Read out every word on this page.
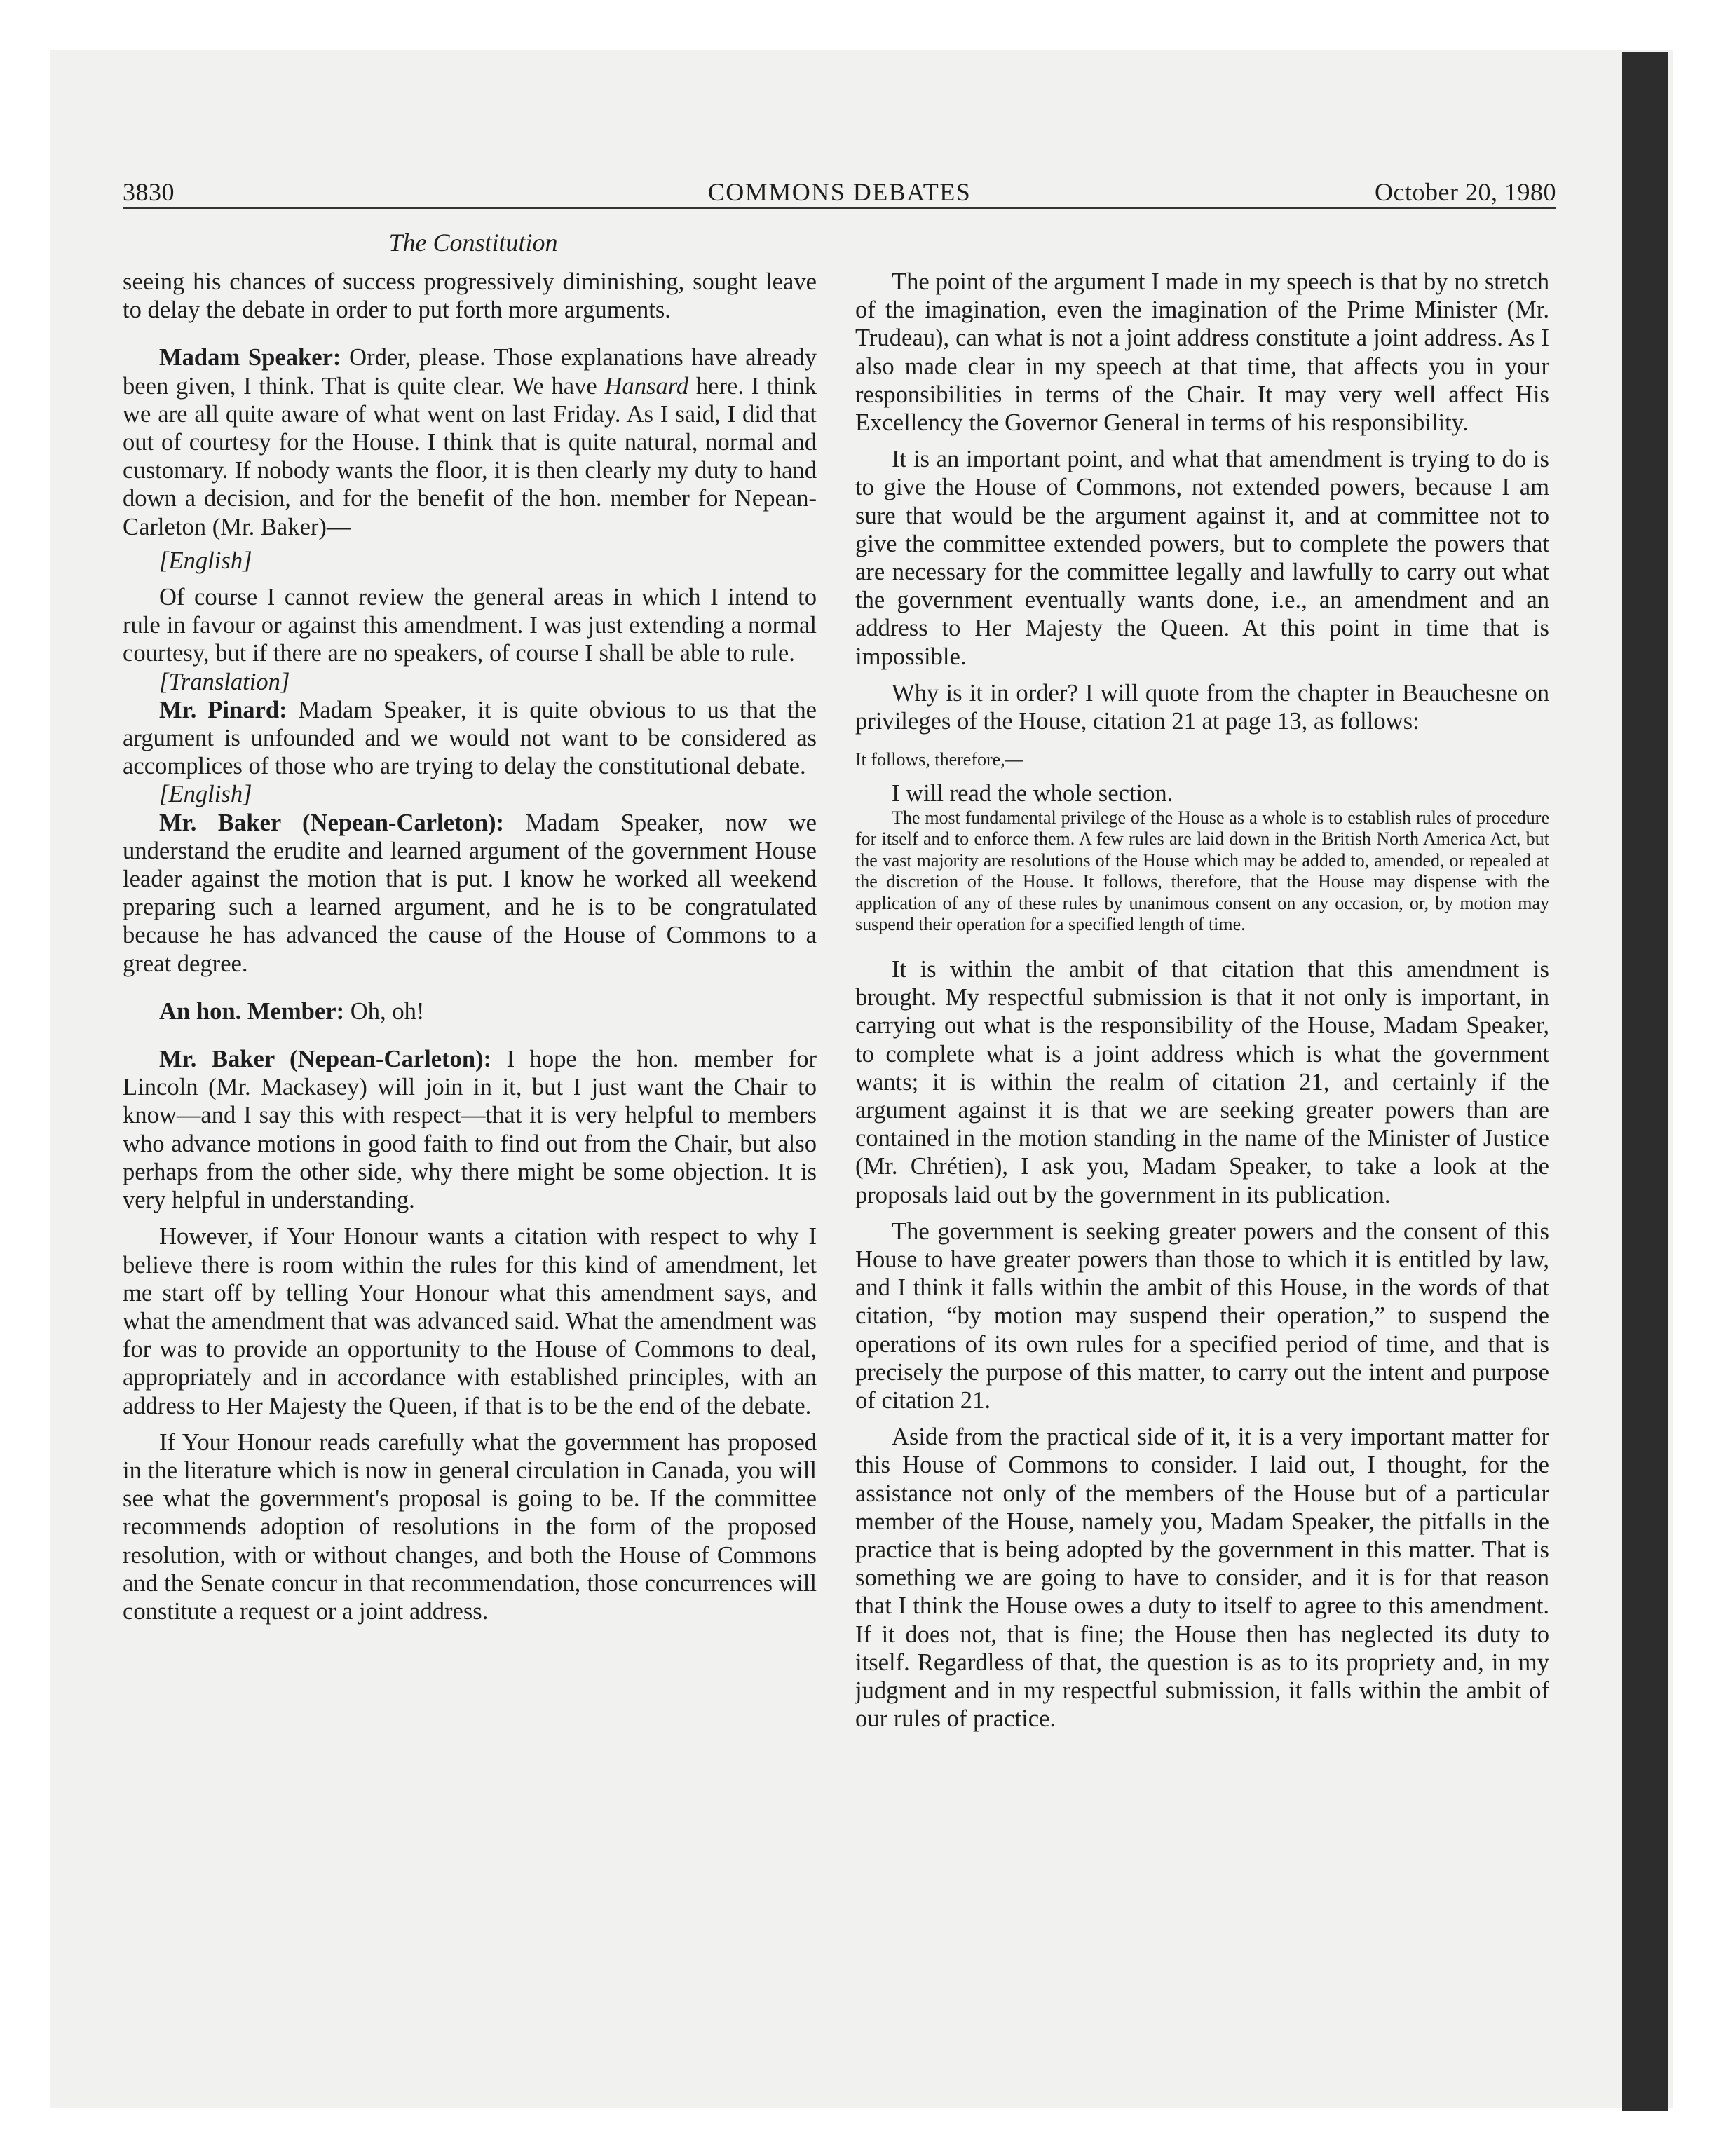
3830	COMMONS DEBATES	October 20, 1980
The Constitution

seeing his chances of success progressively diminishing, sought leave to delay the debate in order to put forth more arguments.

Madam Speaker: Order, please. Those explanations have already been given, I think. That is quite clear. We have Hansard here. I think we are all quite aware of what went on last Friday. As I said, I did that out of courtesy for the House. I think that is quite natural, normal and customary. If nobody wants the floor, it is then clearly my duty to hand down a decision, and for the benefit of the hon. member for Nepean-Carleton (Mr. Baker)—

[English]

Of course I cannot review the general areas in which I intend to rule in favour or against this amendment. I was just extending a normal courtesy, but if there are no speakers, of course I shall be able to rule.

[Translation]

Mr. Pinard: Madam Speaker, it is quite obvious to us that the argument is unfounded and we would not want to be considered as accomplices of those who are trying to delay the constitutional debate.

[English]

Mr. Baker (Nepean-Carleton): Madam Speaker, now we understand the erudite and learned argument of the government House leader against the motion that is put. I know he worked all weekend preparing such a learned argument, and he is to be congratulated because he has advanced the cause of the House of Commons to a great degree.

An hon. Member: Oh, oh!

Mr. Baker (Nepean-Carleton): I hope the hon. member for Lincoln (Mr. Mackasey) will join in it, but I just want the Chair to know—and I say this with respect—that it is very helpful to members who advance motions in good faith to find out from the Chair, but also perhaps from the other side, why there might be some objection. It is very helpful in understanding.

However, if Your Honour wants a citation with respect to why I believe there is room within the rules for this kind of amendment, let me start off by telling Your Honour what this amendment says, and what the amendment that was advanced said. What the amendment was for was to provide an opportunity to the House of Commons to deal, appropriately and in accordance with established principles, with an address to Her Majesty the Queen, if that is to be the end of the debate.

If Your Honour reads carefully what the government has proposed in the literature which is now in general circulation in Canada, you will see what the government's proposal is going to be. If the committee recommends adoption of resolutions in the form of the proposed resolution, with or without changes, and both the House of Commons and the Senate concur in that recommendation, those concurrences will constitute a request or a joint address.

The point of the argument I made in my speech is that by no stretch of the imagination, even the imagination of the Prime Minister (Mr. Trudeau), can what is not a joint address constitute a joint address. As I also made clear in my speech at that time, that affects you in your responsibilities in terms of the Chair. It may very well affect His Excellency the Governor General in terms of his responsibility.

It is an important point, and what that amendment is trying to do is to give the House of Commons, not extended powers, because I am sure that would be the argument against it, and at committee not to give the committee extended powers, but to complete the powers that are necessary for the committee legally and lawfully to carry out what the government eventually wants done, i.e., an amendment and an address to Her Majesty the Queen. At this point in time that is impossible.

Why is it in order? I will quote from the chapter in Beauchesne on privileges of the House, citation 21 at page 13, as follows:

It follows, therefore,—

I will read the whole section.

The most fundamental privilege of the House as a whole is to establish rules of procedure for itself and to enforce them. A few rules are laid down in the British North America Act, but the vast majority are resolutions of the House which may be added to, amended, or repealed at the discretion of the House. It follows, therefore, that the House may dispense with the application of any of these rules by unanimous consent on any occasion, or, by motion may suspend their operation for a specified length of time.

It is within the ambit of that citation that this amendment is brought. My respectful submission is that it not only is important, in carrying out what is the responsibility of the House, Madam Speaker, to complete what is a joint address which is what the government wants; it is within the realm of citation 21, and certainly if the argument against it is that we are seeking greater powers than are contained in the motion standing in the name of the Minister of Justice (Mr. Chrétien), I ask you, Madam Speaker, to take a look at the proposals laid out by the government in its publication.

The government is seeking greater powers and the consent of this House to have greater powers than those to which it is entitled by law, and I think it falls within the ambit of this House, in the words of that citation, “by motion may suspend their operation,” to suspend the operations of its own rules for a specified period of time, and that is precisely the purpose of this matter, to carry out the intent and purpose of citation 21.

Aside from the practical side of it, it is a very important matter for this House of Commons to consider. I laid out, I thought, for the assistance not only of the members of the House but of a particular member of the House, namely you, Madam Speaker, the pitfalls in the practice that is being adopted by the government in this matter. That is something we are going to have to consider, and it is for that reason that I think the House owes a duty to itself to agree to this amendment. If it does not, that is fine; the House then has neglected its duty to itself. Regardless of that, the question is as to its propriety and, in my judgment and in my respectful submission, it falls within the ambit of our rules of practice.
